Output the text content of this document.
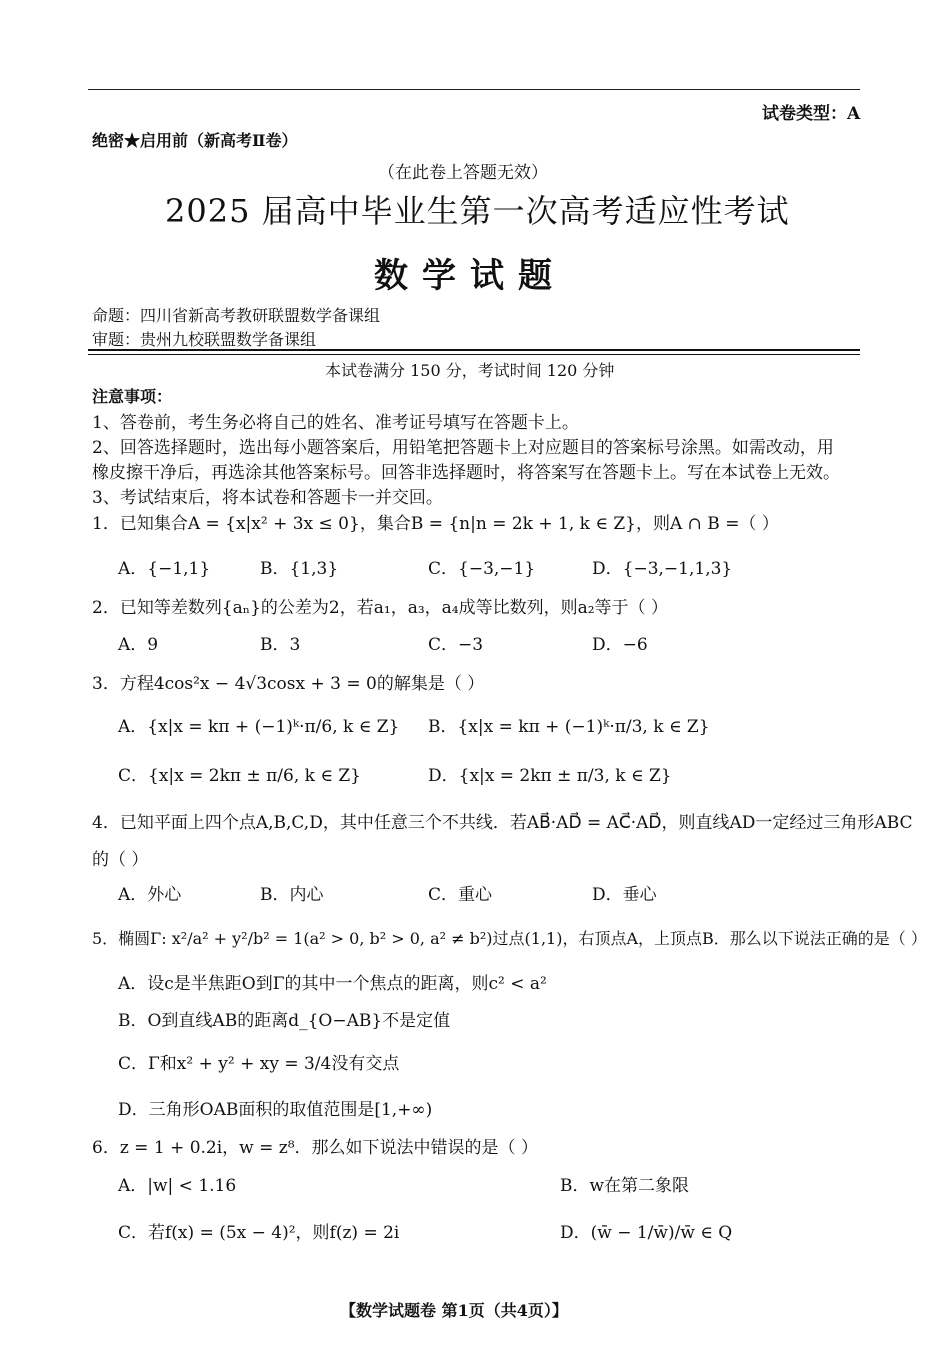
试卷类型：A
绝密★启用前（新高考Ⅱ卷）
（在此卷上答题无效）
2025 届高中毕业生第一次高考适应性考试
数学试题
命题：四川省新高考教研联盟数学备课组
审题：贵州九校联盟数学备课组
本试卷满分 150 分，考试时间 120 分钟
注意事项：
1、答卷前，考生务必将自己的姓名、准考证号填写在答题卡上。
2、回答选择题时，选出每小题答案后，用铅笔把答题卡上对应题目的答案标号涂黑。如需改动，用
橡皮擦干净后，再选涂其他答案标号。回答非选择题时，将答案写在答题卡上。写在本试卷上无效。
3、考试结束后，将本试卷和答题卡一并交回。
1．已知集合A = {x|x² + 3x ≤ 0}，集合B = {n|n = 2k + 1, k ∈ Z}，则A ∩ B =（ ）
A．{−1,1}	B．{1,3}	C．{−3,−1}	D．{−3,−1,1,3}
2．已知等差数列{aₙ}的公差为2，若a₁，a₃，a₄成等比数列，则a₂等于（ ）
A．9	B．3	C．−3	D．−6
3．方程4cos²x − 4√3cosx + 3 = 0的解集是（ ）
A．{x|x = kπ + (−1)ᵏ·π/6, k ∈ Z} B．{x|x = kπ + (−1)ᵏ·π/3, k ∈ Z}
C．{x|x = 2kπ ± π/6, k ∈ Z}	D．{x|x = 2kπ ± π/3, k ∈ Z}
4．已知平面上四个点A,B,C,D，其中任意三个不共线．若AB⃗·AD⃗ = AC⃗·AD⃗，则直线AD一定经过三角形ABC
的（ ）
A．外心	B．内心	C．重心	D．垂心
5．椭圆Γ: x²/a² + y²/b² = 1(a² > 0, b² > 0, a² ≠ b²)过点(1,1)，右顶点A，上顶点B．那么以下说法正确的是（ ）
A．设c是半焦距O到Γ的其中一个焦点的距离，则c² < a²
B．O到直线AB的距离d_{O−AB}不是定值
C．Γ和x² + y² + xy = 3/4没有交点
D．三角形OAB面积的取值范围是[1,+∞)
6．z = 1 + 0.2i，w = z⁸．那么如下说法中错误的是（ ）
A．|w| < 1.16	B．w在第二象限
C．若f(x) = (5x − 4)²，则f(z) = 2i	D．(w̄ − 1/w̄)/w̄ ∈ Q
【数学试题卷 第1页（共4页）】
